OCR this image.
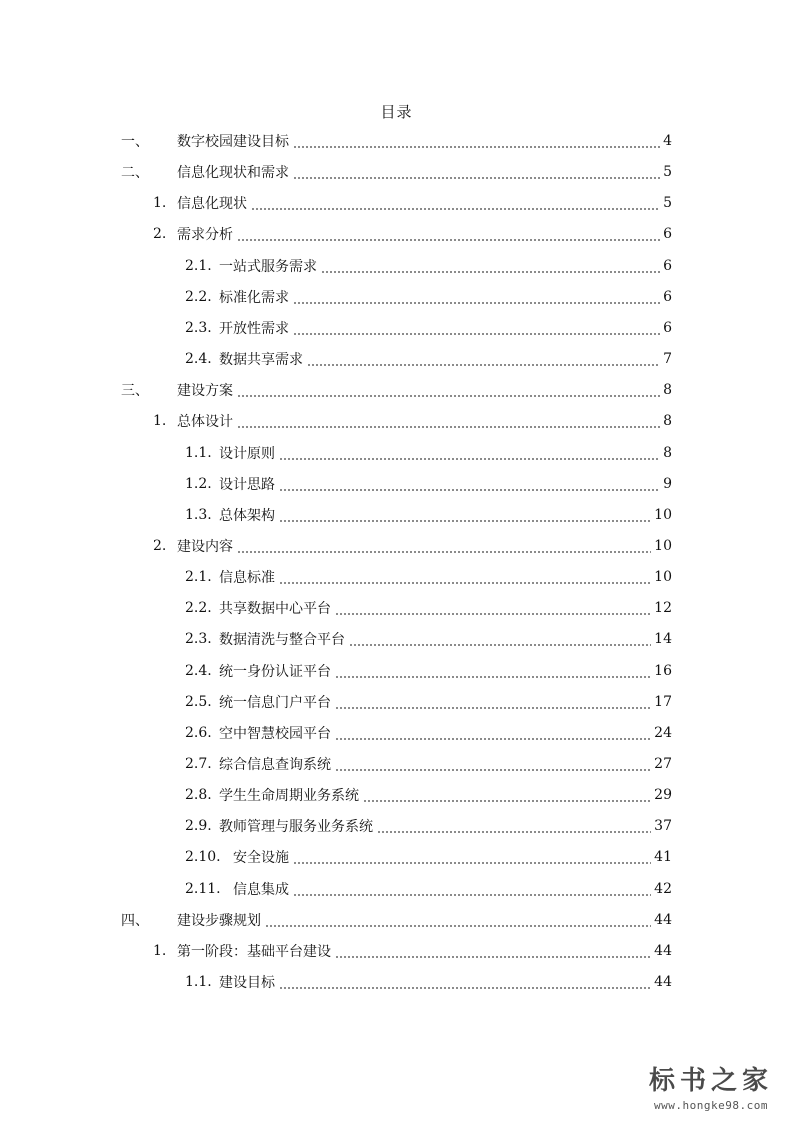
目录
一、 数字校园建设目标	4
二、 信息化现状和需求	5
1. 信息化现状	5
2. 需求分析	6
2.1. 一站式服务需求	6
2.2. 标准化需求	6
2.3. 开放性需求	6
2.4. 数据共享需求	7
三、 建设方案	8
1. 总体设计	8
1.1. 设计原则	8
1.2. 设计思路	9
1.3. 总体架构	10
2. 建设内容	10
2.1. 信息标准	10
2.2. 共享数据中心平台	12
2.3. 数据清洗与整合平台	14
2.4. 统一身份认证平台	16
2.5. 统一信息门户平台	17
2.6. 空中智慧校园平台	24
2.7. 综合信息查询系统	27
2.8. 学生生命周期业务系统	29
2.9. 教师管理与服务业务系统	37
2.10. 安全设施	41
2.11. 信息集成	42
四、 建设步骤规划	44
1. 第一阶段：基础平台建设	44
1.1. 建设目标	44
标书之家
www.hongke98.com
